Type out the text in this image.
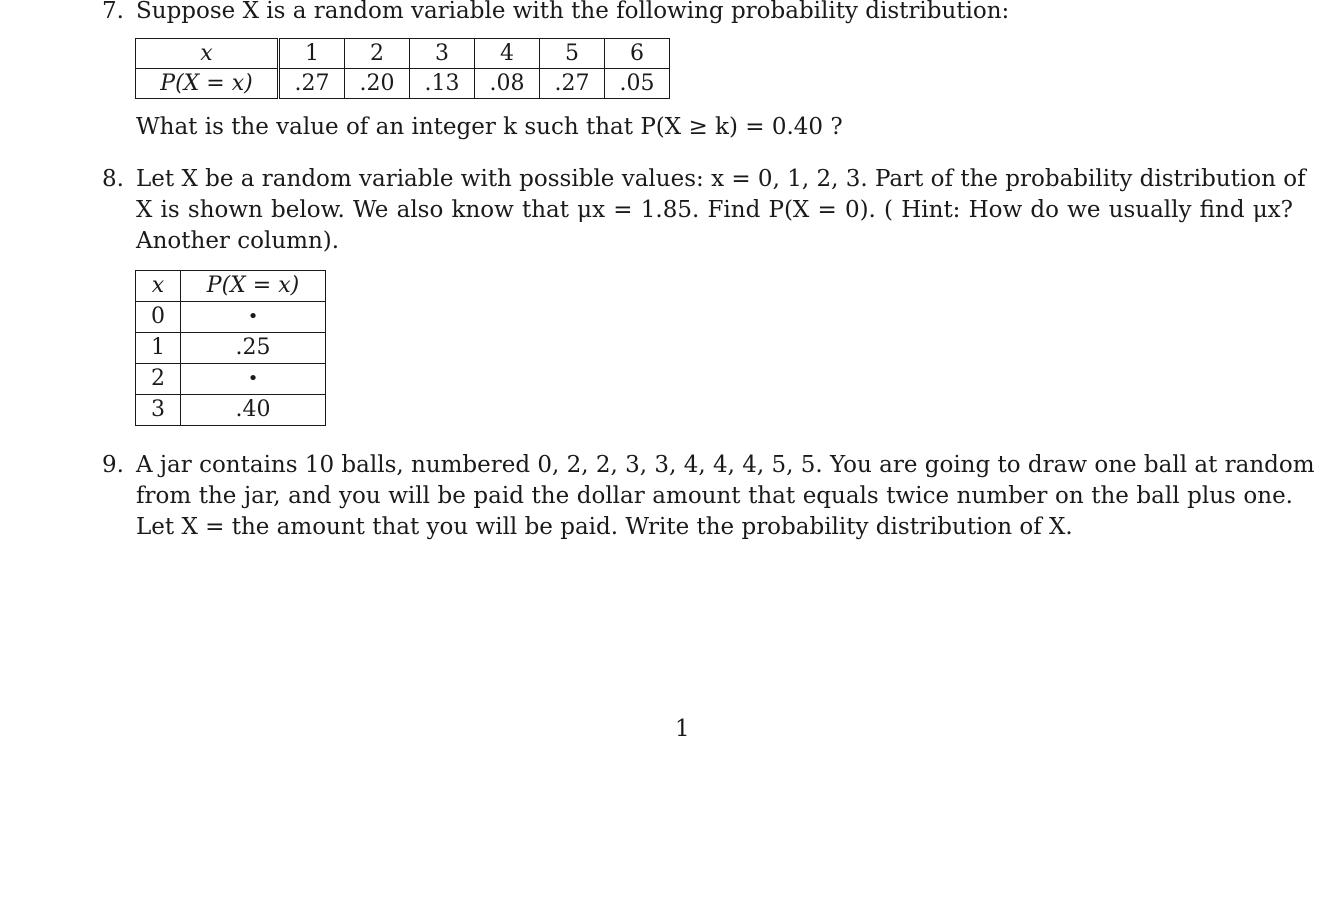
7. Suppose X is a random variable with the following probability distribution:
x	1	2	3	4	5	6
P(X = x)	.27	.20	.13	.08	.27	.05
What is the value of an integer k such that P(X ≥ k) = 0.40 ?
8. Let X be a random variable with possible values: x = 0, 1, 2, 3. Part of the probability distribution of
X is shown below. We also know that μx = 1.85. Find P(X = 0). ( Hint: How do we usually find μx?
Another column).
x	P(X = x)
0	•
1	.25
2	•
3	.40
9. A jar contains 10 balls, numbered 0, 2, 2, 3, 3, 4, 4, 4, 5, 5. You are going to draw one ball at random
from the jar, and you will be paid the dollar amount that equals twice number on the ball plus one.
Let X = the amount that you will be paid. Write the probability distribution of X.
1
